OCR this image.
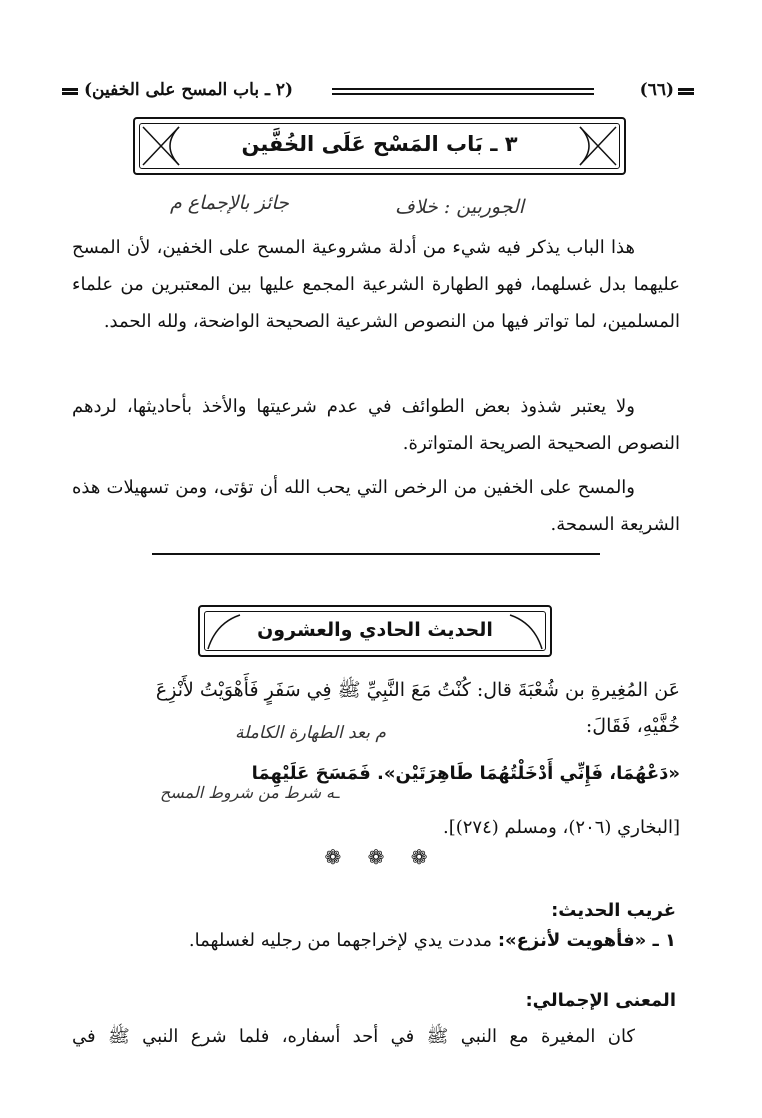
(٢ ـ باب المسح على الخفين)	(٦٦)
٣ ـ بَاب المَسْح عَلَى الخُفَّين
جائز بالإجماع م	الجوربين : خلاف
هذا الباب يذكر فيه شيء من أدلة مشروعية المسح على الخفين، لأن المسح عليهما بدل غسلهما، فهو الطهارة الشرعية المجمع عليها بين المعتبرين من علماء المسلمين، لما تواتر فيها من النصوص الشرعية الصحيحة الواضحة، ولله الحمد.
ولا يعتبر شذوذ بعض الطوائف في عدم شرعيتها والأخذ بأحاديثها، لردهم النصوص الصحيحة الصريحة المتواترة.
والمسح على الخفين من الرخص التي يحب الله أن تؤتى، ومن تسهيلات هذه الشريعة السمحة.
الحديث الحادي والعشرون
عَن المُغِيرةِ بن شُعْبَةَ قال: كُنْتُ مَعَ النَّبِيِّ ﷺ فِي سَفَرٍ فَأَهْوَيْتُ لأَنْزِعَ
خُفَّيْهِ، فَقَالَ:
م بعد الطهارة الكاملة
«دَعْهُمَا، فَإِنِّي أَدْخَلْتُهُمَا طَاهِرَتَيْن». فَمَسَحَ عَلَيْهِمَا
ـه شرط من شروط المسح
[البخاري (٢٠٦)، ومسلم (٢٧٤)].
❁ ❁ ❁
غريب الحديث:
١ ـ «فأهويت لأنزع»: مددت يدي لإخراجهما من رجليه لغسلهما.
المعنى الإجمالي:
كان المغيرة مع النبي ﷺ في أحد أسفاره، فلما شرع النبي ﷺ في
